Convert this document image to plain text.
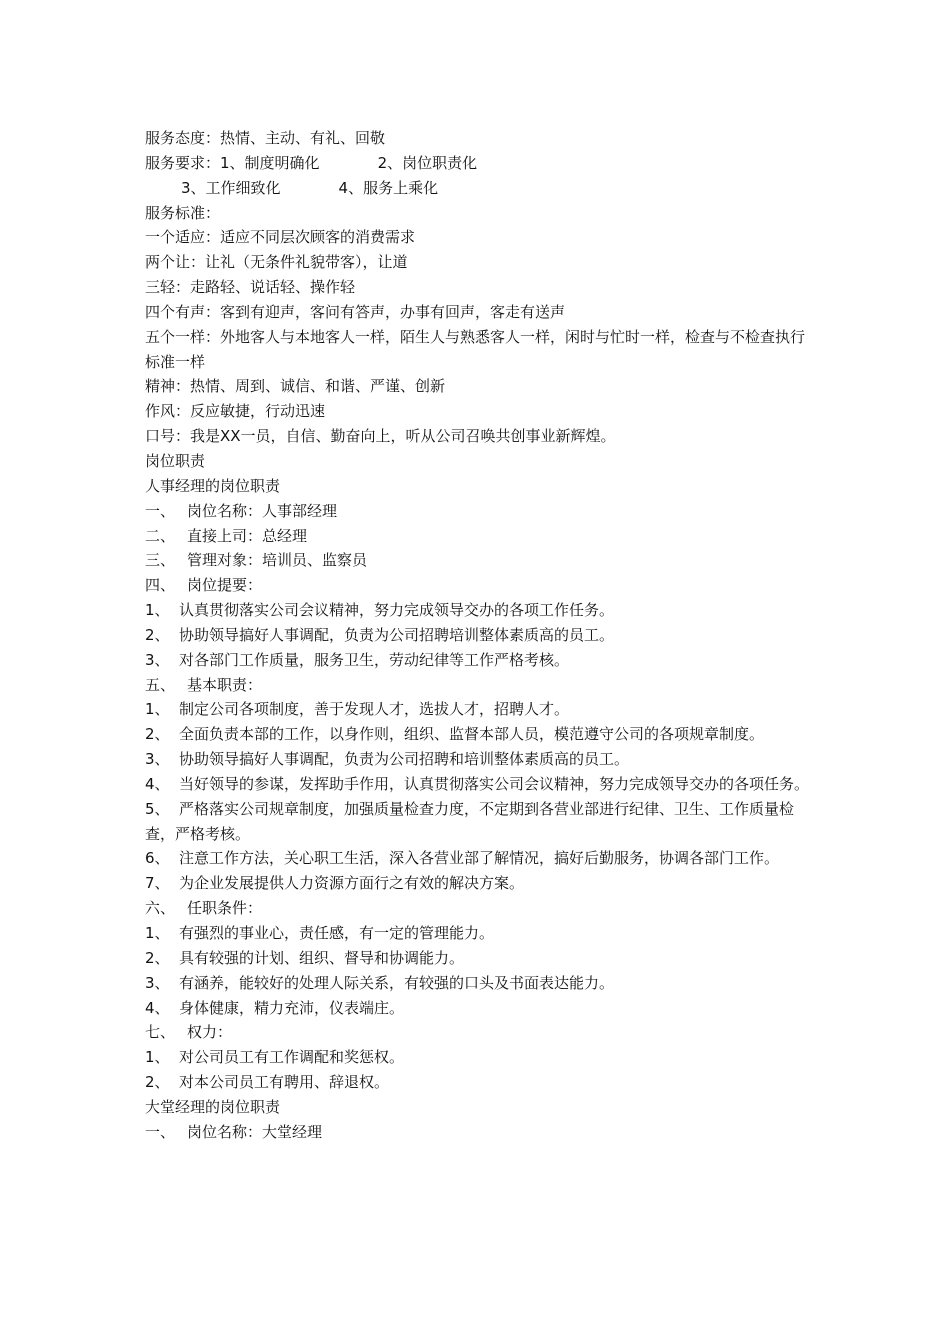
服务态度：热情、主动、有礼、回敬
服务要求：1、制度明确化	2、岗位职责化
3、工作细致化	4、服务上乘化
服务标准：
一个适应：适应不同层次顾客的消费需求
两个让：让礼（无条件礼貌带客），让道
三轻：走路轻、说话轻、操作轻
四个有声：客到有迎声，客问有答声，办事有回声，客走有送声
五个一样：外地客人与本地客人一样，陌生人与熟悉客人一样，闲时与忙时一样，检查与不检查执行标准一样
精神：热情、周到、诚信、和谐、严谨、创新
作风：反应敏捷，行动迅速
口号：我是XX一员，自信、勤奋向上，听从公司召唤共创事业新辉煌。
岗位职责
人事经理的岗位职责
一、 岗位名称：人事部经理
二、 直接上司：总经理
三、 管理对象：培训员、监察员
四、 岗位提要：
1、 认真贯彻落实公司会议精神，努力完成领导交办的各项工作任务。
2、 协助领导搞好人事调配，负责为公司招聘培训整体素质高的员工。
3、 对各部门工作质量，服务卫生，劳动纪律等工作严格考核。
五、 基本职责：
1、 制定公司各项制度，善于发现人才，选拔人才，招聘人才。
2、 全面负责本部的工作，以身作则，组织、监督本部人员，模范遵守公司的各项规章制度。
3、 协助领导搞好人事调配，负责为公司招聘和培训整体素质高的员工。
4、 当好领导的参谋，发挥助手作用，认真贯彻落实公司会议精神，努力完成领导交办的各项任务。
5、 严格落实公司规章制度，加强质量检查力度，不定期到各营业部进行纪律、卫生、工作质量检查，严格考核。
6、 注意工作方法，关心职工生活，深入各营业部了解情况，搞好后勤服务，协调各部门工作。
7、 为企业发展提供人力资源方面行之有效的解决方案。
六、 任职条件：
1、 有强烈的事业心，责任感，有一定的管理能力。
2、 具有较强的计划、组织、督导和协调能力。
3、 有涵养，能较好的处理人际关系，有较强的口头及书面表达能力。
4、 身体健康，精力充沛，仪表端庄。
七、 权力：
1、 对公司员工有工作调配和奖惩权。
2、 对本公司员工有聘用、辞退权。
大堂经理的岗位职责
一、 岗位名称：大堂经理
